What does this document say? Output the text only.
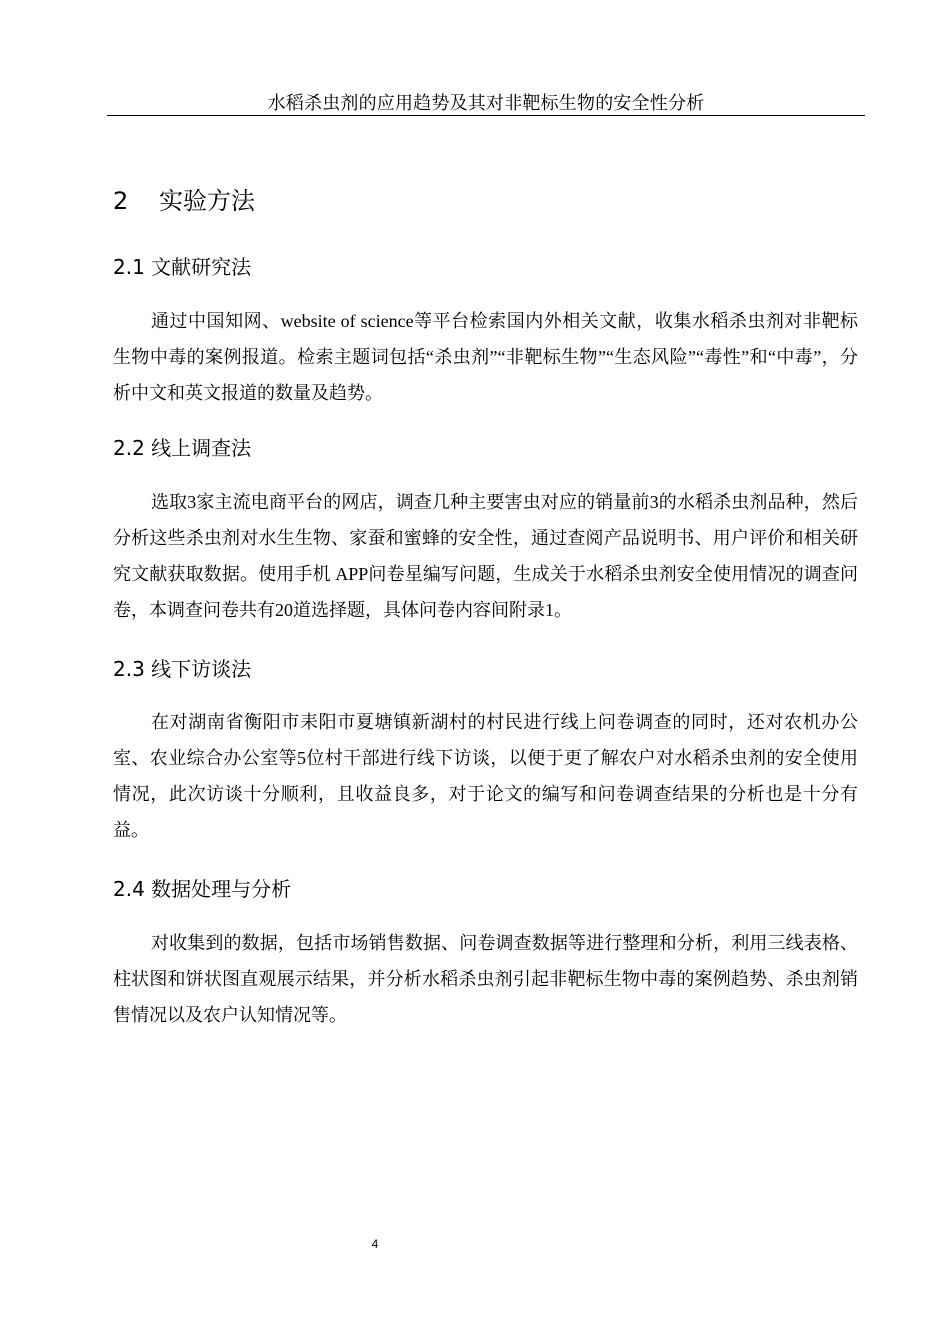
水稻杀虫剂的应用趋势及其对非靶标生物的安全性分析
2 实验方法
2.1 文献研究法

通过中国知网、website of science等平台检索国内外相关文献，收集水稻杀虫剂对非靶标生物中毒的案例报道。检索主题词包括“杀虫剂”“非靶标生物”“生态风险”“毒性”和“中毒”，分析中文和英文报道的数量及趋势。

2.2 线上调查法

选取3家主流电商平台的网店，调查几种主要害虫对应的销量前3的水稻杀虫剂品种，然后分析这些杀虫剂对水生生物、家蚕和蜜蜂的安全性，通过查阅产品说明书、用户评价和相关研究文献获取数据。使用手机 APP问卷星编写问题，生成关于水稻杀虫剂安全使用情况的调查问卷，本调查问卷共有20道选择题，具体问卷内容间附录1。

2.3 线下访谈法

在对湖南省衡阳市耒阳市夏塘镇新湖村的村民进行线上问卷调查的同时，还对农机办公室、农业综合办公室等5位村干部进行线下访谈，以便于更了解农户对水稻杀虫剂的安全使用情况，此次访谈十分顺利，且收益良多，对于论文的编写和问卷调查结果的分析也是十分有益。

2.4 数据处理与分析

对收集到的数据，包括市场销售数据、问卷调查数据等进行整理和分析，利用三线表格、柱状图和饼状图直观展示结果，并分析水稻杀虫剂引起非靶标生物中毒的案例趋势、杀虫剂销售情况以及农户认知情况等。

4
